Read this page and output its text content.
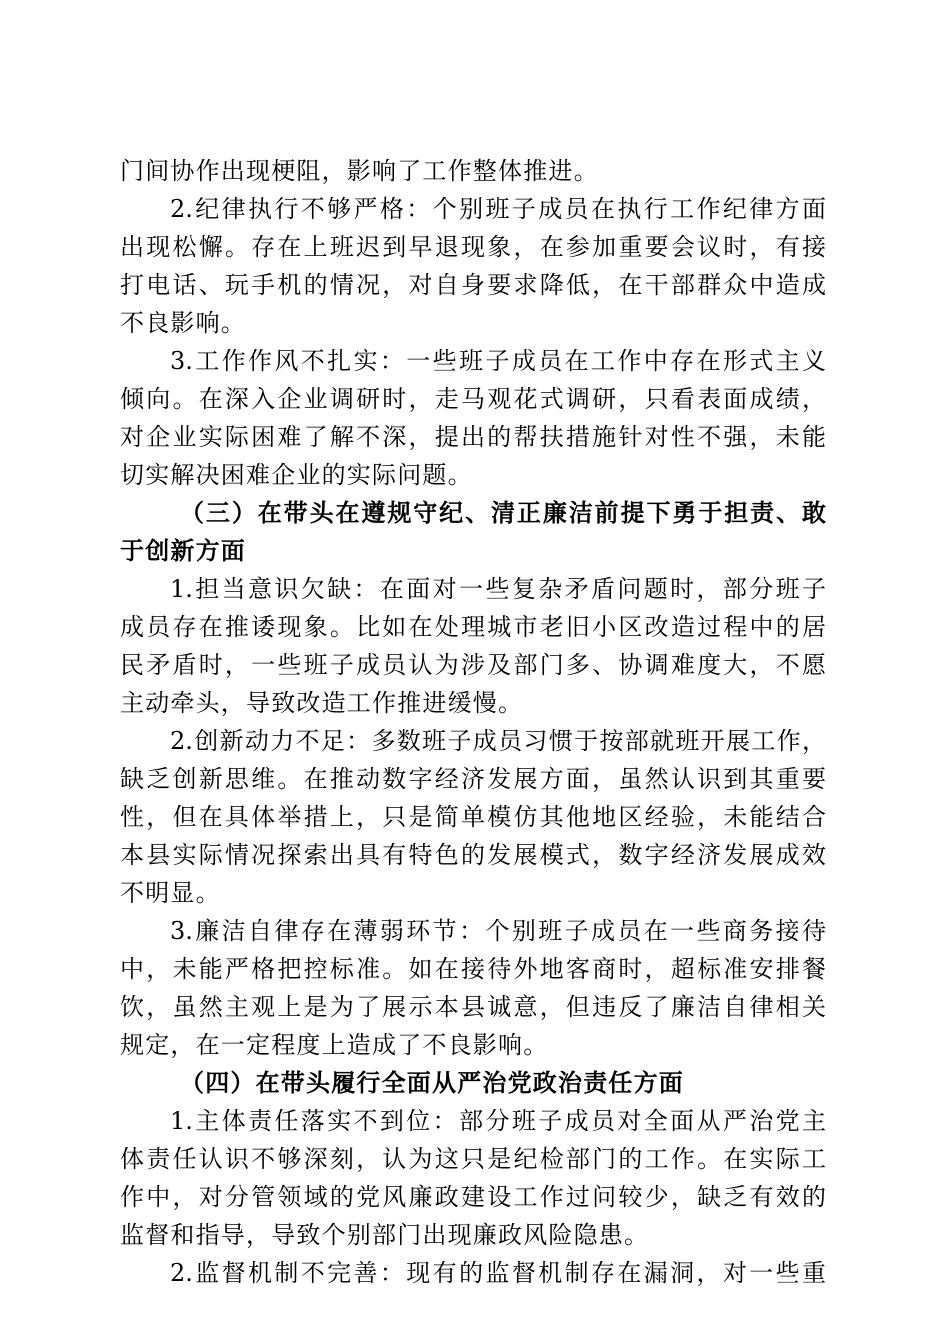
门间协作出现梗阻，影响了工作整体推进。
2.纪律执行不够严格：个别班子成员在执行工作纪律方面
出现松懈。存在上班迟到早退现象，在参加重要会议时，有接
打电话、玩手机的情况，对自身要求降低，在干部群众中造成
不良影响。
3.工作作风不扎实：一些班子成员在工作中存在形式主义
倾向。在深入企业调研时，走马观花式调研，只看表面成绩，
对企业实际困难了解不深，提出的帮扶措施针对性不强，未能
切实解决困难企业的实际问题。
（三）在带头在遵规守纪、清正廉洁前提下勇于担责、敢
于创新方面
1.担当意识欠缺：在面对一些复杂矛盾问题时，部分班子
成员存在推诿现象。比如在处理城市老旧小区改造过程中的居
民矛盾时，一些班子成员认为涉及部门多、协调难度大，不愿
主动牵头，导致改造工作推进缓慢。
2.创新动力不足：多数班子成员习惯于按部就班开展工作，
缺乏创新思维。在推动数字经济发展方面，虽然认识到其重要
性，但在具体举措上，只是简单模仿其他地区经验，未能结合
本县实际情况探索出具有特色的发展模式，数字经济发展成效
不明显。
3.廉洁自律存在薄弱环节：个别班子成员在一些商务接待
中，未能严格把控标准。如在接待外地客商时，超标准安排餐
饮，虽然主观上是为了展示本县诚意，但违反了廉洁自律相关
规定，在一定程度上造成了不良影响。
（四）在带头履行全面从严治党政治责任方面
1.主体责任落实不到位：部分班子成员对全面从严治党主
体责任认识不够深刻，认为这只是纪检部门的工作。在实际工
作中，对分管领域的党风廉政建设工作过问较少，缺乏有效的
监督和指导，导致个别部门出现廉政风险隐患。
2.监督机制不完善：现有的监督机制存在漏洞，对一些重
